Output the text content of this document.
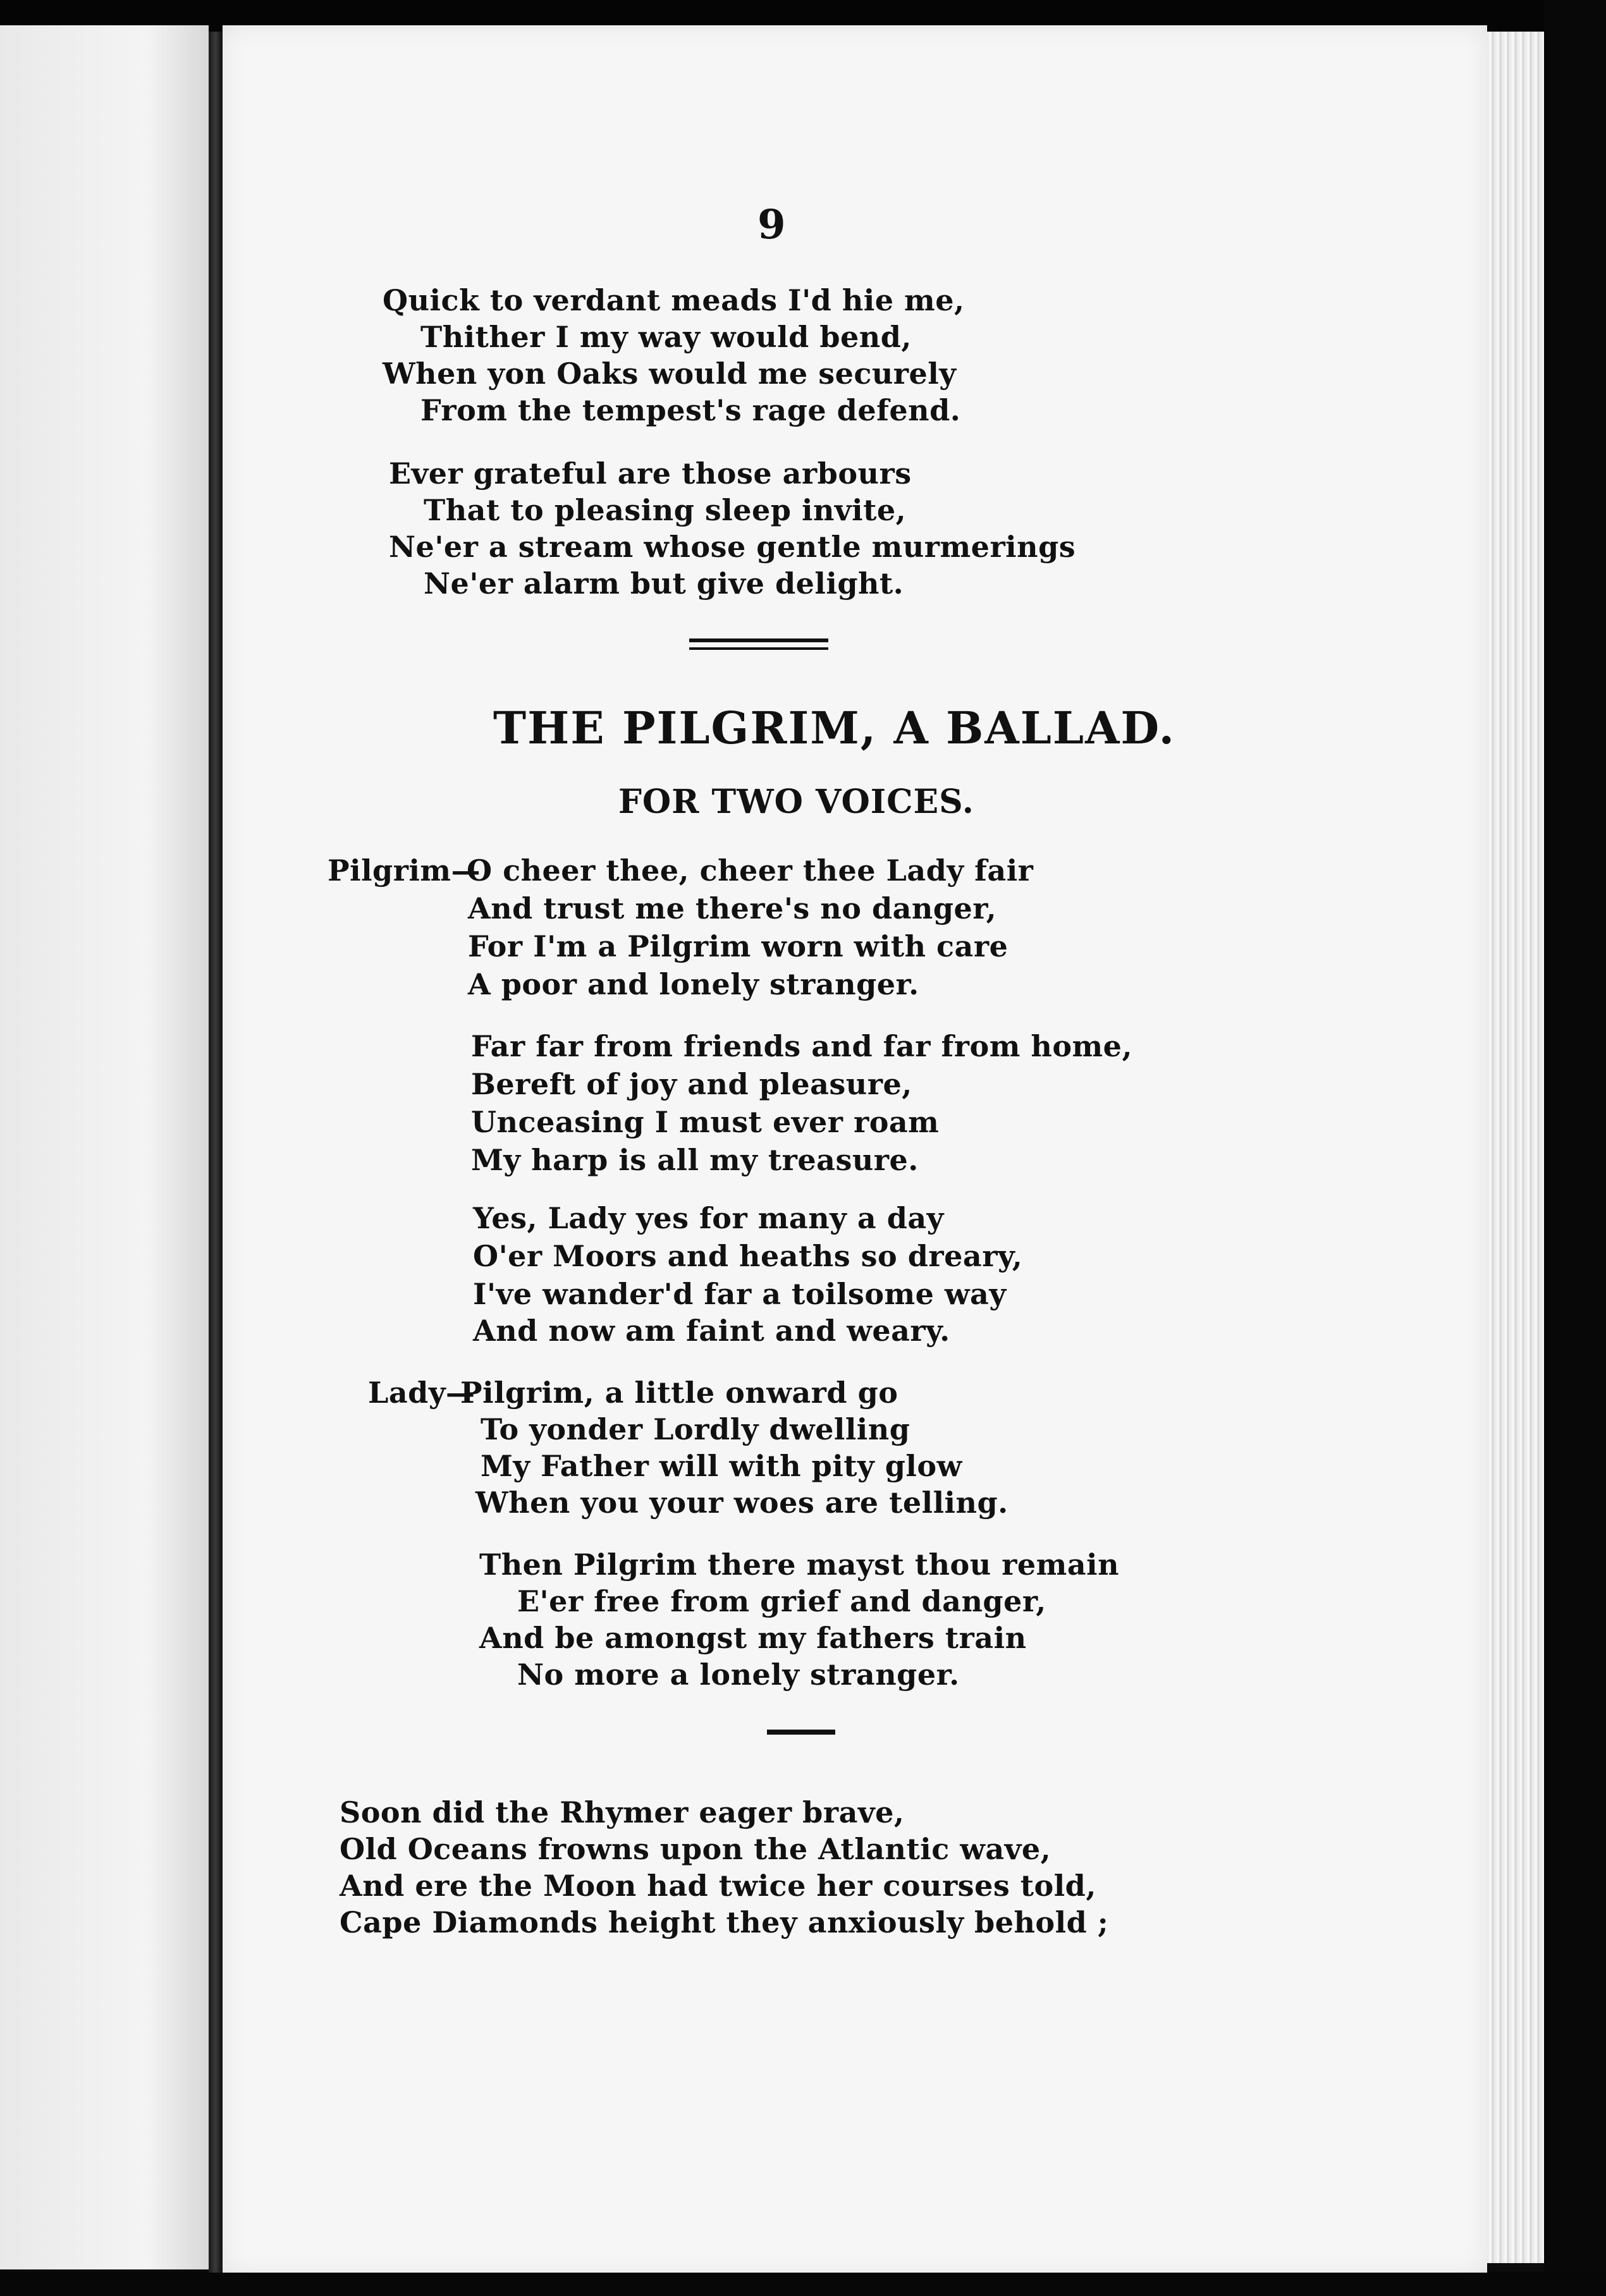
9
Quick to verdant meads I'd hie me,
Thither I my way would bend,
When yon Oaks would me securely
From the tempest's rage defend.
Ever grateful are those arbours
That to pleasing sleep invite,
Ne'er a stream whose gentle murmerings
Ne'er alarm but give delight.
THE PILGRIM, A BALLAD.
FOR TWO VOICES.
Pilgrim—
O cheer thee, cheer thee Lady fair
And trust me there's no danger,
For I'm a Pilgrim worn with care
A poor and lonely stranger.
Far far from friends and far from home,
Bereft of joy and pleasure,
Unceasing I must ever roam
My harp is all my treasure.
Yes, Lady yes for many a day
O'er Moors and heaths so dreary,
I've wander'd far a toilsome way
And now am faint and weary.
Lady—
Pilgrim, a little onward go
To yonder Lordly dwelling
My Father will with pity glow
When you your woes are telling.
Then Pilgrim there mayst thou remain
E'er free from grief and danger,
And be amongst my fathers train
No more a lonely stranger.
Soon did the Rhymer eager brave,
Old Oceans frowns upon the Atlantic wave,
And ere the Moon had twice her courses told,
Cape Diamonds height they anxiously behold ;
